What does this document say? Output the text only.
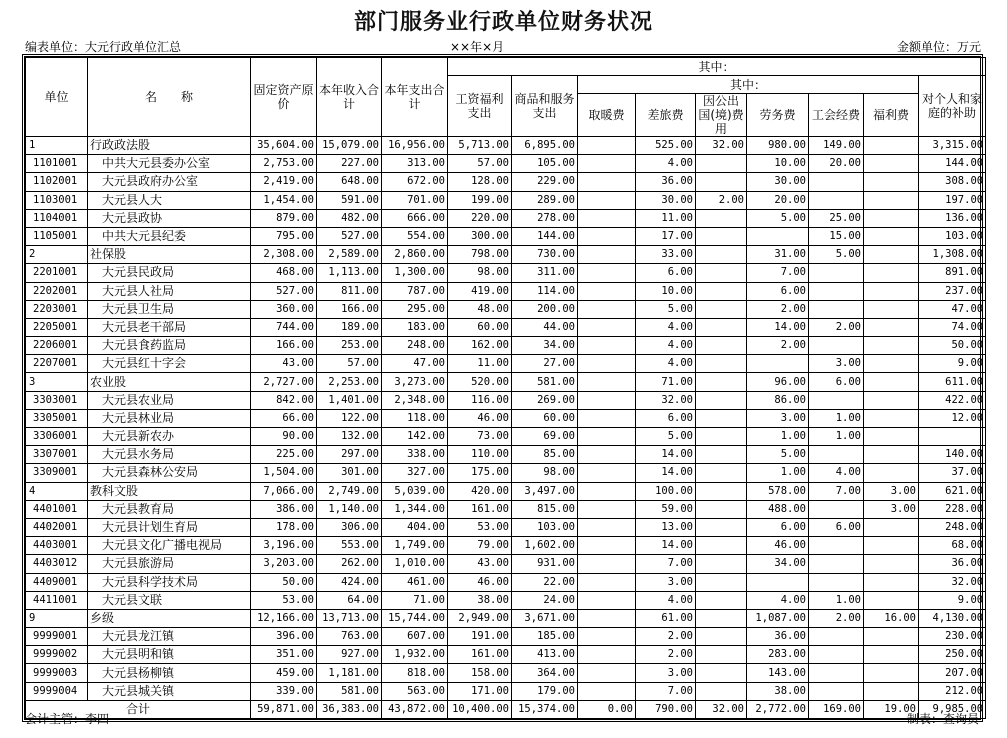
部门服务业行政单位财务状况
编表单位：大元行政单位汇总	××年×月	金额单位：万元
单位	名　　称	固定资产原价	本年收入合计	本年支出合计	其中：								
					工资福利支出	商品和服务支出	其中：						对个人和家庭的补助
							取暖费	差旅费	因公出国(境)费用	劳务费	工会经费	福利费	
1	行政政法股	35,604.00	15,079.00	16,956.00	5,713.00	6,895.00		525.00	32.00	980.00	149.00		3,315.00
1101001	中共大元县委办公室	2,753.00	227.00	313.00	57.00	105.00		4.00		10.00	20.00		144.00
1102001	大元县政府办公室	2,419.00	648.00	672.00	128.00	229.00		36.00		30.00			308.00
1103001	大元县人大	1,454.00	591.00	701.00	199.00	289.00		30.00	2.00	20.00			197.00
1104001	大元县政协	879.00	482.00	666.00	220.00	278.00		11.00		5.00	25.00		136.00
1105001	中共大元县纪委	795.00	527.00	554.00	300.00	144.00		17.00			15.00		103.00
2	社保股	2,308.00	2,589.00	2,860.00	798.00	730.00		33.00		31.00	5.00		1,308.00
2201001	大元县民政局	468.00	1,113.00	1,300.00	98.00	311.00		6.00		7.00			891.00
2202001	大元县人社局	527.00	811.00	787.00	419.00	114.00		10.00		6.00			237.00
2203001	大元县卫生局	360.00	166.00	295.00	48.00	200.00		5.00		2.00			47.00
2205001	大元县老干部局	744.00	189.00	183.00	60.00	44.00		4.00		14.00	2.00		74.00
2206001	大元县食药监局	166.00	253.00	248.00	162.00	34.00		4.00		2.00			50.00
2207001	大元县红十字会	43.00	57.00	47.00	11.00	27.00		4.00			3.00		9.00
3	农业股	2,727.00	2,253.00	3,273.00	520.00	581.00		71.00		96.00	6.00		611.00
3303001	大元县农业局	842.00	1,401.00	2,348.00	116.00	269.00		32.00		86.00			422.00
3305001	大元县林业局	66.00	122.00	118.00	46.00	60.00		6.00		3.00	1.00		12.00
3306001	大元县新农办	90.00	132.00	142.00	73.00	69.00		5.00		1.00	1.00		
3307001	大元县水务局	225.00	297.00	338.00	110.00	85.00		14.00		5.00			140.00
3309001	大元县森林公安局	1,504.00	301.00	327.00	175.00	98.00		14.00		1.00	4.00		37.00
4	教科文股	7,066.00	2,749.00	5,039.00	420.00	3,497.00		100.00		578.00	7.00	3.00	621.00
4401001	大元县教育局	386.00	1,140.00	1,344.00	161.00	815.00		59.00		488.00		3.00	228.00
4402001	大元县计划生育局	178.00	306.00	404.00	53.00	103.00		13.00		6.00	6.00		248.00
4403001	大元县文化广播电视局	3,196.00	553.00	1,749.00	79.00	1,602.00		14.00		46.00			68.00
4403012	大元县旅游局	3,203.00	262.00	1,010.00	43.00	931.00		7.00		34.00			36.00
4409001	大元县科学技术局	50.00	424.00	461.00	46.00	22.00		3.00					32.00
4411001	大元县文联	53.00	64.00	71.00	38.00	24.00		4.00		4.00	1.00		9.00
9	乡级	12,166.00	13,713.00	15,744.00	2,949.00	3,671.00		61.00		1,087.00	2.00	16.00	4,130.00
9999001	大元县龙江镇	396.00	763.00	607.00	191.00	185.00		2.00		36.00			230.00
9999002	大元县明和镇	351.00	927.00	1,932.00	161.00	413.00		2.00		283.00			250.00
9999003	大元县杨柳镇	459.00	1,181.00	818.00	158.00	364.00		3.00		143.00			207.00
9999004	大元县城关镇	339.00	581.00	563.00	171.00	179.00		7.00		38.00			212.00
合计		59,871.00	36,383.00	43,872.00	10,400.00	15,374.00	0.00	790.00	32.00	2,772.00	169.00	19.00	9,985.00
会计主管：李四	制表：查询员
